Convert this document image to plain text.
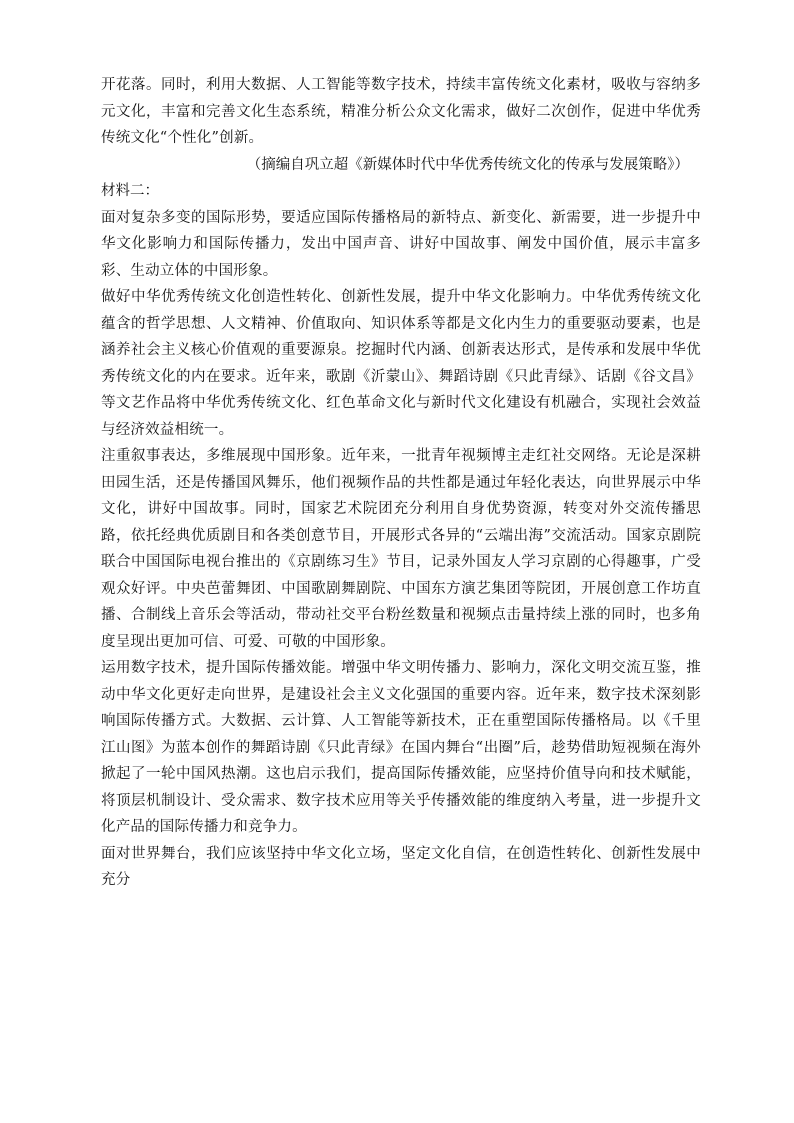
开花落。同时，利用大数据、人工智能等数字技术，持续丰富传统文化素材，吸收与容纳多元文化，丰富和完善文化生态系统，精准分析公众文化需求，做好二次创作，促进中华优秀传统文化“个性化”创新。

（摘编自巩立超《新媒体时代中华优秀传统文化的传承与发展策略》）

材料二：

面对复杂多变的国际形势，要适应国际传播格局的新特点、新变化、新需要，进一步提升中华文化影响力和国际传播力，发出中国声音、讲好中国故事、阐发中国价值，展示丰富多彩、生动立体的中国形象。

做好中华优秀传统文化创造性转化、创新性发展，提升中华文化影响力。中华优秀传统文化蕴含的哲学思想、人文精神、价值取向、知识体系等都是文化内生力的重要驱动要素，也是涵养社会主义核心价值观的重要源泉。挖掘时代内涵、创新表达形式，是传承和发展中华优秀传统文化的内在要求。近年来，歌剧《沂蒙山》、舞蹈诗剧《只此青绿》、话剧《谷文昌》等文艺作品将中华优秀传统文化、红色革命文化与新时代文化建设有机融合，实现社会效益与经济效益相统一。

注重叙事表达，多维展现中国形象。近年来，一批青年视频博主走红社交网络。无论是深耕田园生活，还是传播国风舞乐，他们视频作品的共性都是通过年轻化表达，向世界展示中华文化，讲好中国故事。同时，国家艺术院团充分利用自身优势资源，转变对外交流传播思路，依托经典优质剧目和各类创意节目，开展形式各异的“云端出海”交流活动。国家京剧院联合中国国际电视台推出的《京剧练习生》节目，记录外国友人学习京剧的心得趣事，广受观众好评。中央芭蕾舞团、中国歌剧舞剧院、中国东方演艺集团等院团，开展创意工作坊直播、合制线上音乐会等活动，带动社交平台粉丝数量和视频点击量持续上涨的同时，也多角度呈现出更加可信、可爱、可敬的中国形象。

运用数字技术，提升国际传播效能。增强中华文明传播力、影响力，深化文明交流互鉴，推动中华文化更好走向世界，是建设社会主义文化强国的重要内容。近年来，数字技术深刻影响国际传播方式。大数据、云计算、人工智能等新技术，正在重塑国际传播格局。以《千里江山图》为蓝本创作的舞蹈诗剧《只此青绿》在国内舞台“出圈”后，趁势借助短视频在海外掀起了一轮中国风热潮。这也启示我们，提高国际传播效能，应坚持价值导向和技术赋能，将顶层机制设计、受众需求、数字技术应用等关乎传播效能的维度纳入考量，进一步提升文化产品的国际传播力和竞争力。

面对世界舞台，我们应该坚持中华文化立场，坚定文化自信，在创造性转化、创新性发展中充分
